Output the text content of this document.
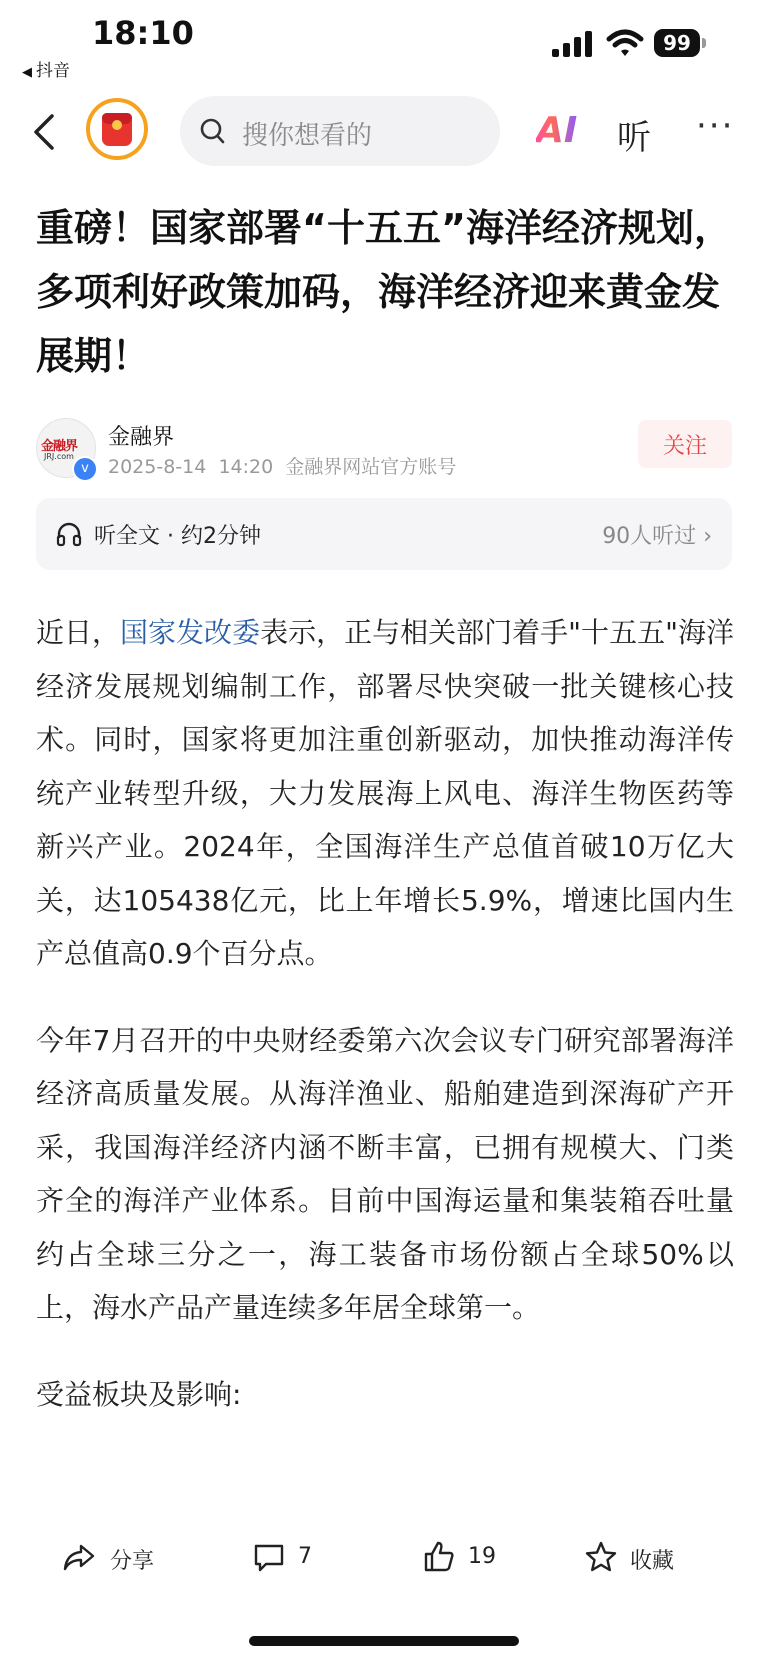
18:10
◀ 抖音
99
搜你想看的	AI 听 ···
重磅！国家部署“十五五”海洋经济规划，多项利好政策加码，海洋经济迎来黄金发展期！
金融界
JRJ.com
v
金融界
2025-8-14 14:20 金融界网站官方账号
关注
听全文 · 约2分钟	90人听过 ›

近日，国家发改委表示，正与相关部门着手"十五五"海洋经济发展规划编制工作，部署尽快突破一批关键核心技术。同时，国家将更加注重创新驱动，加快推动海洋传统产业转型升级，大力发展海上风电、海洋生物医药等新兴产业。2024年，全国海洋生产总值首破10万亿大关，达105438亿元，比上年增长5.9%，增速比国内生产总值高0.9个百分点。

今年7月召开的中央财经委第六次会议专门研究部署海洋经济高质量发展。从海洋渔业、船舶建造到深海矿产开采，我国海洋经济内涵不断丰富，已拥有规模大、门类齐全的海洋产业体系。目前中国海运量和集装箱吞吐量约占全球三分之一，海工装备市场份额占全球50%以上，海水产品产量连续多年居全球第一。

受益板块及影响:

分享	7	19	收藏
